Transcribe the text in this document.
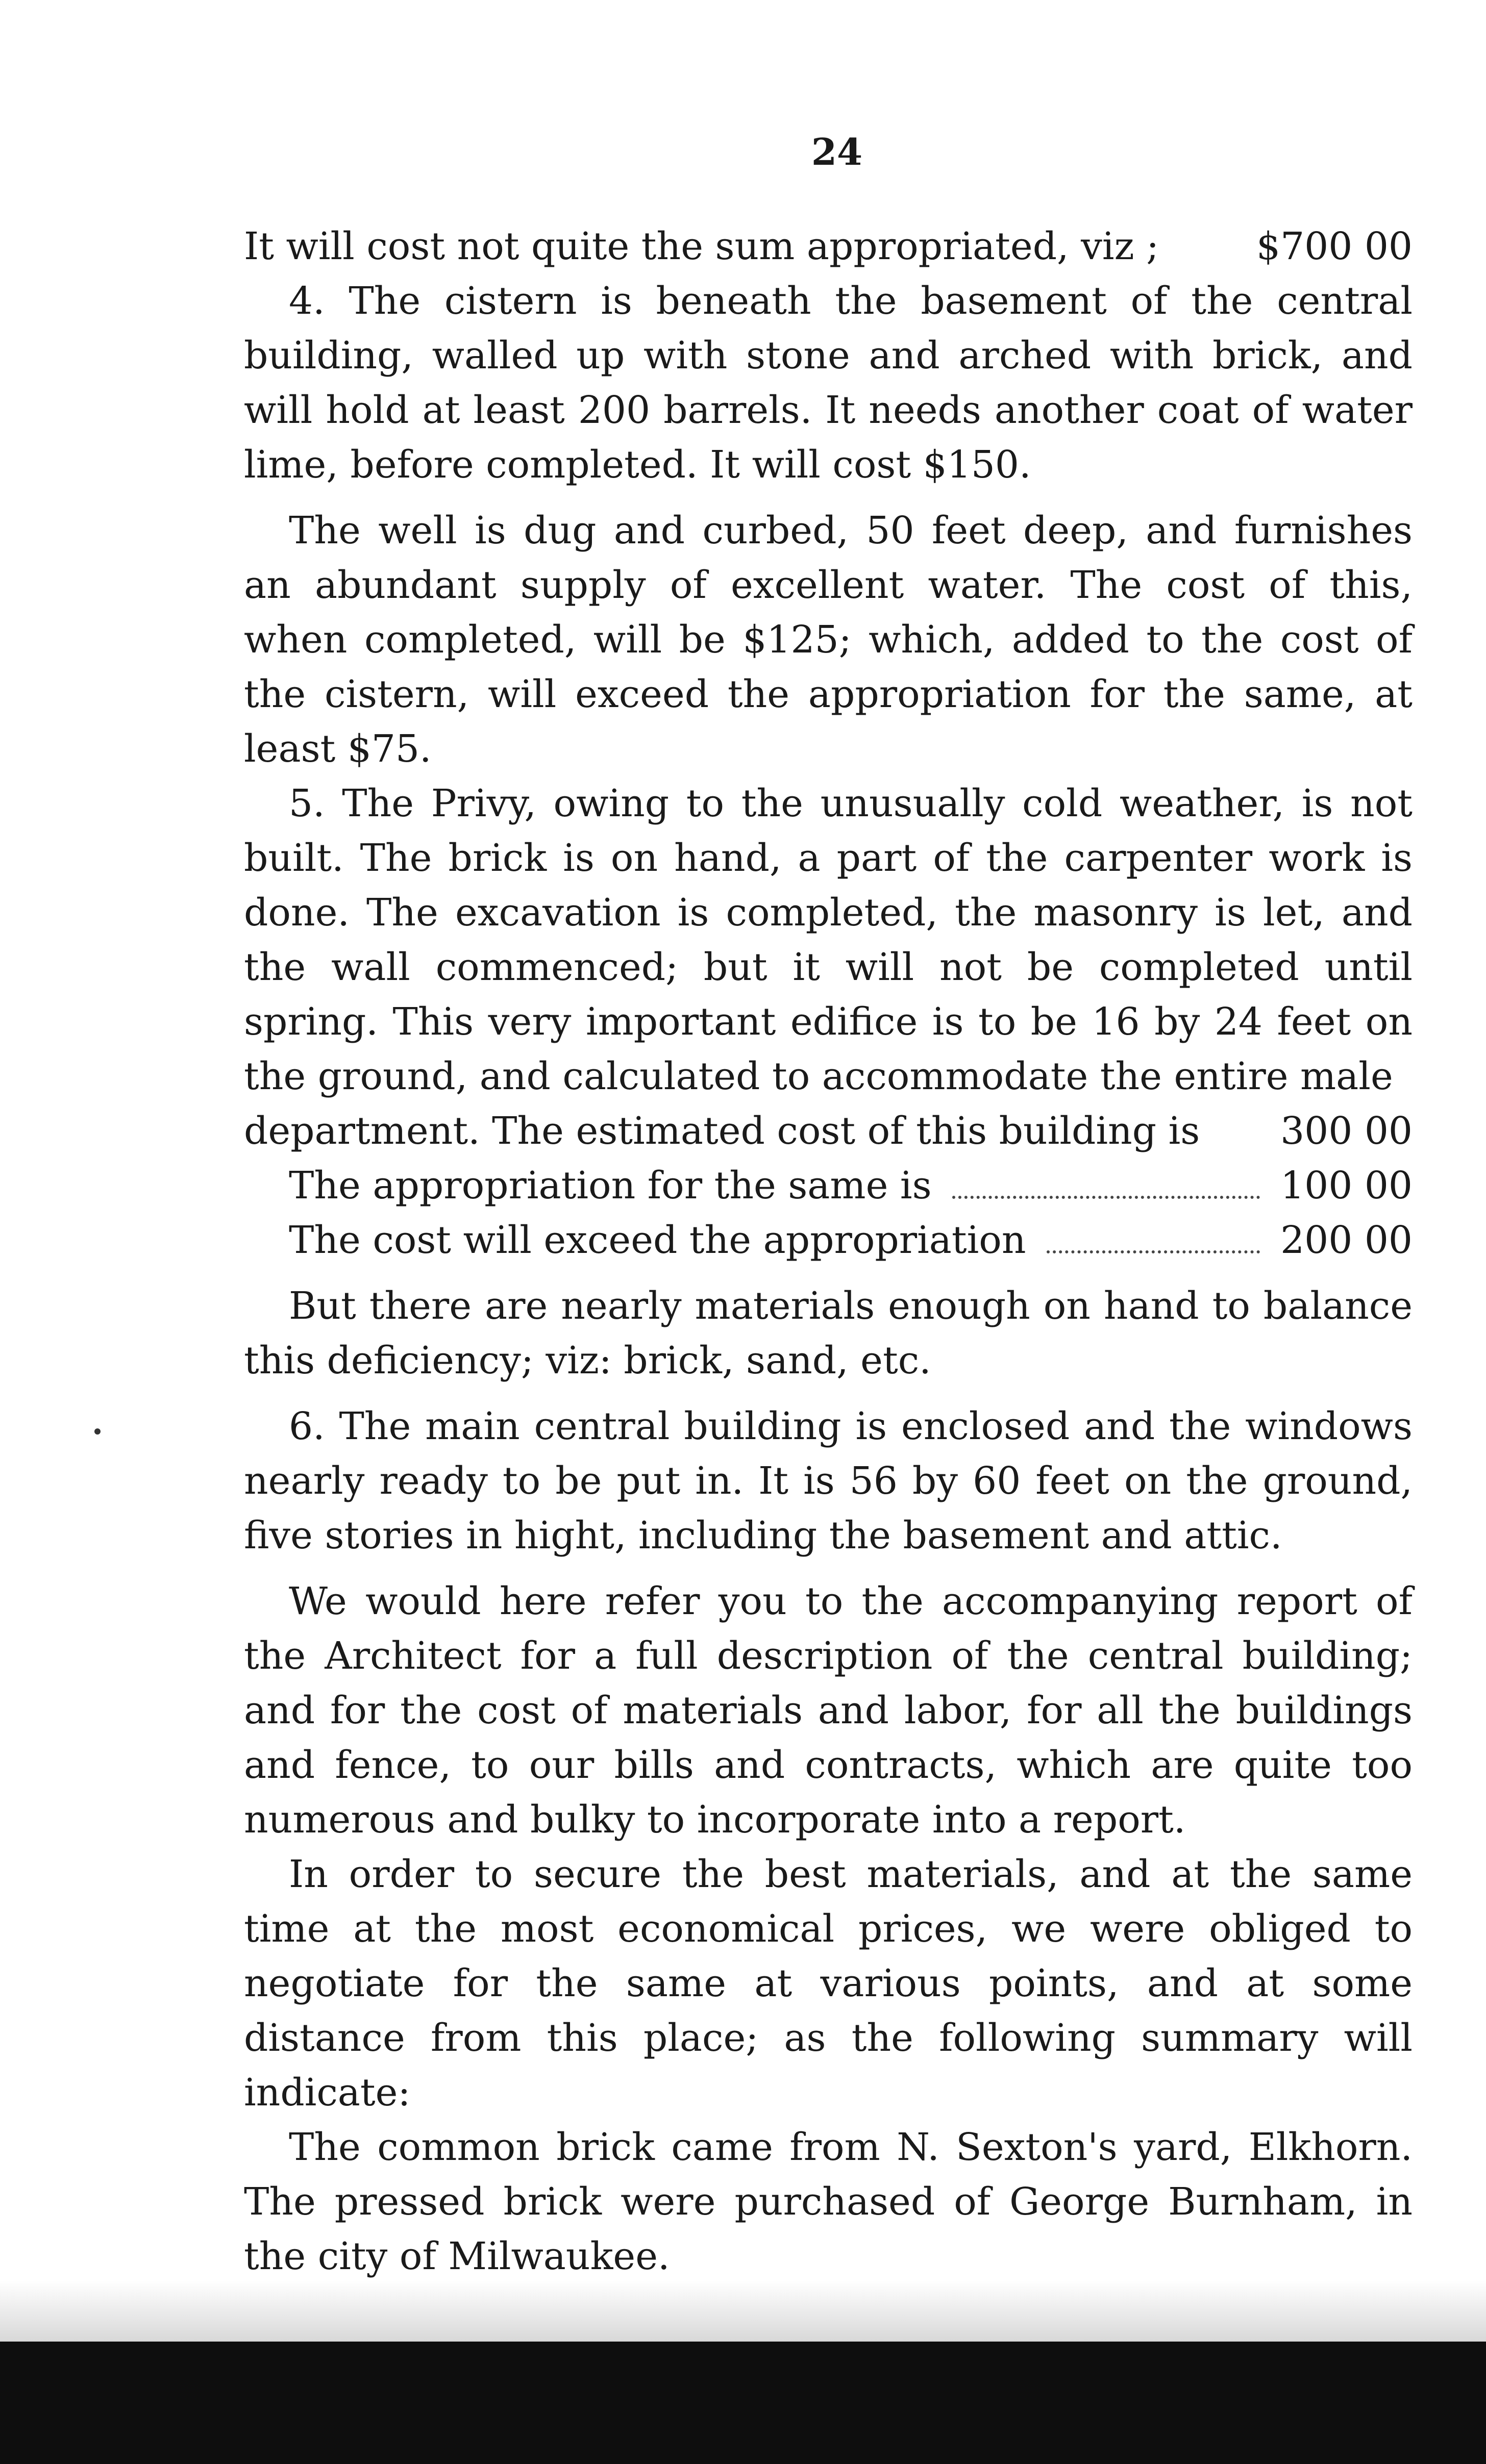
24
It will cost not quite the sum appropriated, viz ;	$700 00

4. The cistern is beneath the basement of the central building, walled up with stone and arched with brick, and will hold at least 200 barrels. It needs another coat of water lime, before completed. It will cost $150.

The well is dug and curbed, 50 feet deep, and furnishes an abundant supply of excellent water. The cost of this, when completed, will be $125; which, added to the cost of the cistern, will exceed the appropriation for the same, at least $75.

5. The Privy, owing to the unusually cold weather, is not built. The brick is on hand, a part of the carpenter work is done. The excavation is completed, the masonry is let, and the wall commenced; but it will not be completed until spring. This very important edifice is to be 16 by 24 feet on the ground, and calculated to accommodate the entire male

department. The estimated cost of this building is 300 00
The appropriation for the same is	100 00
The cost will exceed the appropriation	200 00

But there are nearly materials enough on hand to balance this deficiency; viz: brick, sand, etc.

6. The main central building is enclosed and the windows nearly ready to be put in. It is 56 by 60 feet on the ground, five stories in hight, including the basement and attic.

We would here refer you to the accompanying report of the Architect for a full description of the central building; and for the cost of materials and labor, for all the buildings and fence, to our bills and contracts, which are quite too numerous and bulky to incorporate into a report.

In order to secure the best materials, and at the same time at the most economical prices, we were obliged to negotiate for the same at various points, and at some distance from this place; as the following summary will indicate:

The common brick came from N. Sexton's yard, Elkhorn. The pressed brick were purchased of George Burnham, in the city of Milwaukee.
